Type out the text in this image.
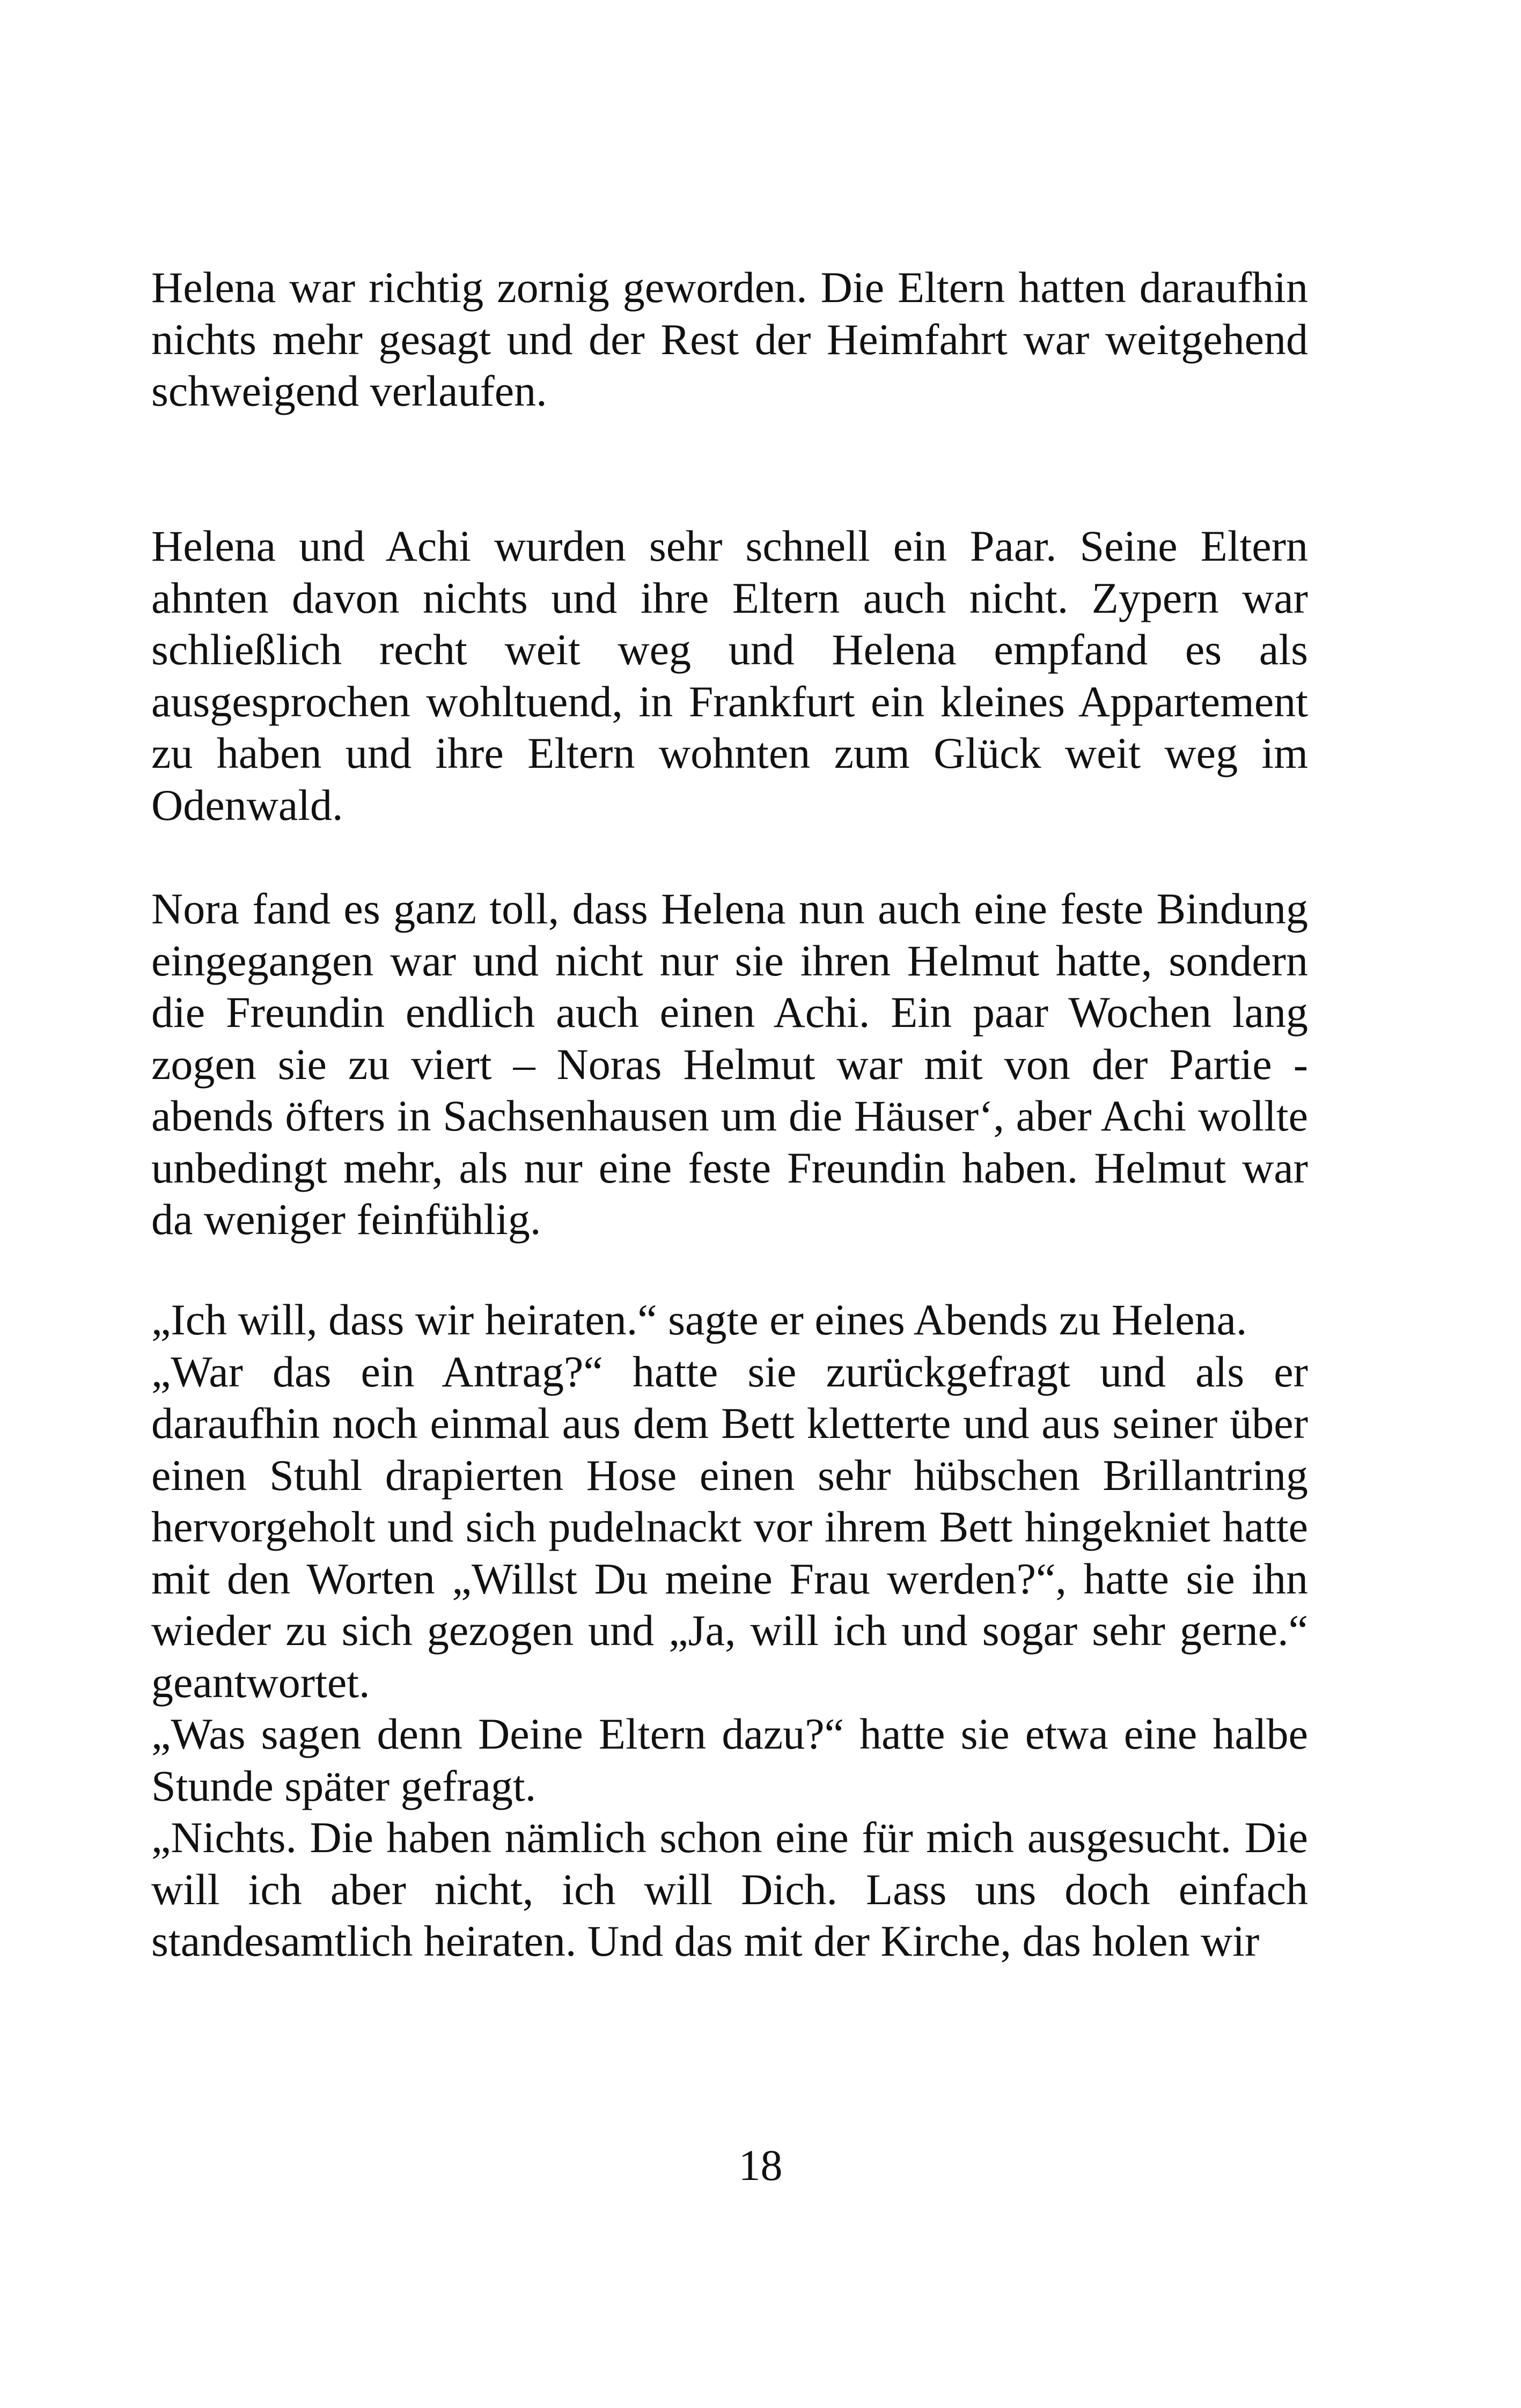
Helena war richtig zornig geworden. Die Eltern hatten daraufhin nichts mehr gesagt und der Rest der Heimfahrt war weitgehend schweigend verlaufen.

Helena und Achi wurden sehr schnell ein Paar. Seine Eltern ahnten davon nichts und ihre Eltern auch nicht. Zypern war schließlich recht weit weg und Helena empfand es als ausgesprochen wohltuend, in Frankfurt ein kleines Appartement zu haben und ihre Eltern wohnten zum Glück weit weg im Odenwald.

Nora fand es ganz toll, dass Helena nun auch eine feste Bindung eingegangen war und nicht nur sie ihren Helmut hatte, sondern die Freundin endlich auch einen Achi. Ein paar Wochen lang zogen sie zu viert – Noras Helmut war mit von der Partie - abends öfters in Sachsenhausen um die Häuser‘, aber Achi wollte unbedingt mehr, als nur eine feste Freundin haben. Helmut war da weniger feinfühlig.

„Ich will, dass wir heiraten.“ sagte er eines Abends zu Helena.

„War das ein Antrag?“ hatte sie zurückgefragt und als er daraufhin noch einmal aus dem Bett kletterte und aus seiner über einen Stuhl drapierten Hose einen sehr hübschen Brillantring hervorgeholt und sich pudelnackt vor ihrem Bett hingekniet hatte mit den Worten „Willst Du meine Frau werden?“, hatte sie ihn wieder zu sich gezogen und „Ja, will ich und sogar sehr gerne.“ geantwortet.

„Was sagen denn Deine Eltern dazu?“ hatte sie etwa eine halbe Stunde später gefragt.

„Nichts. Die haben nämlich schon eine für mich ausgesucht. Die will ich aber nicht, ich will Dich. Lass uns doch einfach standesamtlich heiraten. Und das mit der Kirche, das holen wir

18
